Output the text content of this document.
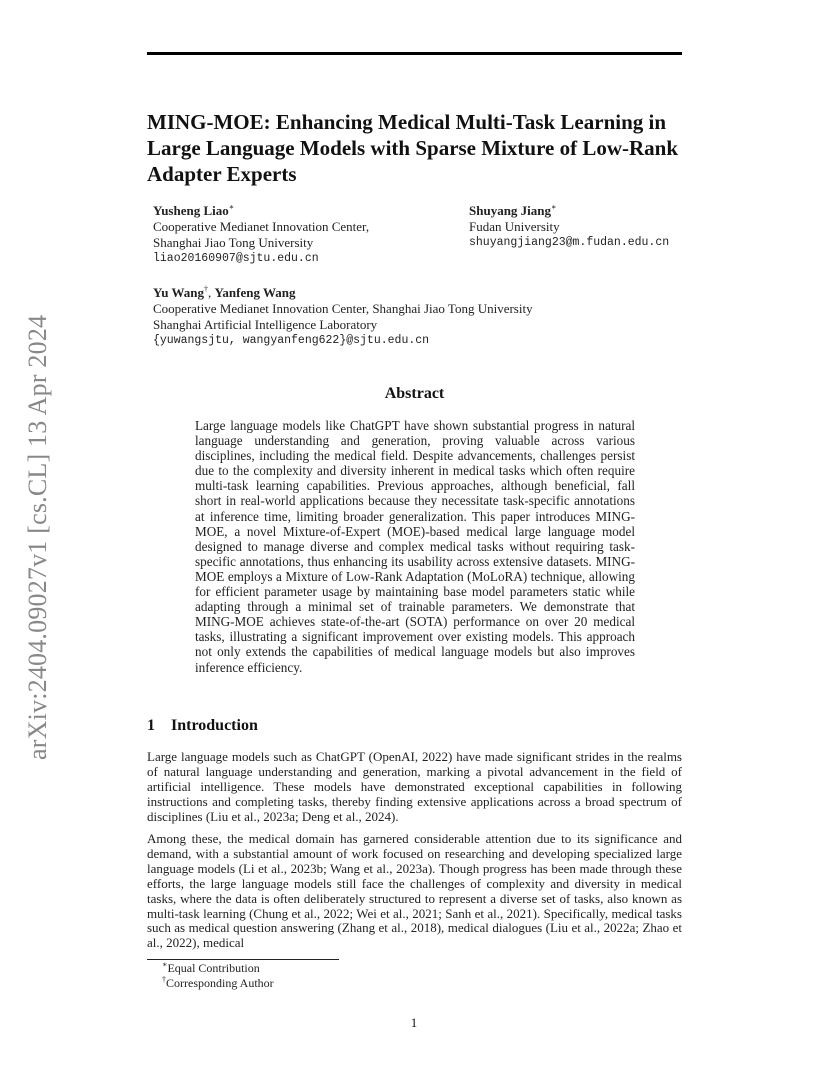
arXiv:2404.09027v1 [cs.CL] 13 Apr 2024
MING-MOE: Enhancing Medical Multi-Task Learning in Large Language Models with Sparse Mixture of Low-Rank Adapter Experts
Yusheng Liao∗
Cooperative Medianet Innovation Center,
Shanghai Jiao Tong University
liao20160907@sjtu.edu.cn
Shuyang Jiang∗
Fudan University
shuyangjiang23@m.fudan.edu.cn
Yu Wang†, Yanfeng Wang
Cooperative Medianet Innovation Center, Shanghai Jiao Tong University
Shanghai Artificial Intelligence Laboratory
{yuwangsjtu, wangyanfeng622}@sjtu.edu.cn
Abstract
Large language models like ChatGPT have shown substantial progress in natural language understanding and generation, proving valuable across various disciplines, including the medical field. Despite advancements, challenges persist due to the complexity and diversity inherent in medical tasks which often require multi-task learning capabilities. Previous approaches, although beneficial, fall short in real-world applications because they necessitate task-specific annotations at inference time, limiting broader generalization. This paper introduces MING-MOE, a novel Mixture-of-Expert (MOE)-based medical large language model designed to manage diverse and complex medical tasks without requiring task-specific annotations, thus enhancing its usability across extensive datasets. MING-MOE employs a Mixture of Low-Rank Adaptation (MoLoRA) technique, allowing for efficient parameter usage by maintaining base model parameters static while adapting through a minimal set of trainable parameters. We demonstrate that MING-MOE achieves state-of-the-art (SOTA) performance on over 20 medical tasks, illustrating a significant improvement over existing models. This approach not only extends the capabilities of medical language models but also improves inference efficiency.
1 Introduction
Large language models such as ChatGPT (OpenAI, 2022) have made significant strides in the realms of natural language understanding and generation, marking a pivotal advancement in the field of artificial intelligence. These models have demonstrated exceptional capabilities in following instructions and completing tasks, thereby finding extensive applications across a broad spectrum of disciplines (Liu et al., 2023a; Deng et al., 2024).
Among these, the medical domain has garnered considerable attention due to its significance and demand, with a substantial amount of work focused on researching and developing specialized large language models (Li et al., 2023b; Wang et al., 2023a). Though progress has been made through these efforts, the large language models still face the challenges of complexity and diversity in medical tasks, where the data is often deliberately structured to represent a diverse set of tasks, also known as multi-task learning (Chung et al., 2022; Wei et al., 2021; Sanh et al., 2021). Specifically, medical tasks such as medical question answering (Zhang et al., 2018), medical dialogues (Liu et al., 2022a; Zhao et al., 2022), medical
∗Equal Contribution
†Corresponding Author
1
